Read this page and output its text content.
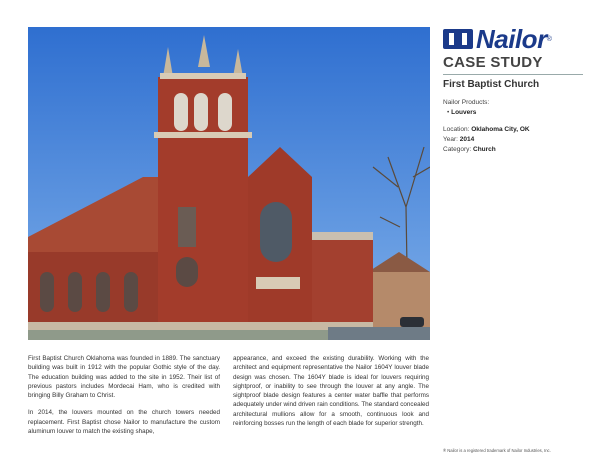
Nailor ®
CASE STUDY
First Baptist Church
Nailor Products:
• Louvers
Location: Oklahoma City, OK
Year: 2014
Category: Church

First Baptist Church Oklahoma was founded in 1889. The sanctuary building was built in 1912 with the popular Gothic style of the day. The education building was added to the site in 1952. Their list of previous pastors includes Mordecai Ham, who is credited with bringing Billy Graham to Christ.

In 2014, the louvers mounted on the church towers needed replacement. First Baptist chose Nailor to manufacture the custom aluminum louver to match the existing shape,

appearance, and exceed the existing durability. Working with the architect and equipment representative the Nailor 1604Y louver blade design was chosen. The 1604Y blade is ideal for louvers requiring sightproof, or inability to see through the louver at any angle. The sightproof blade design features a center water baffle that performs adequately under wind driven rain conditions. The standard concealed architectural mullions allow for a smooth, continuous look and reinforcing bosses run the length of each blade for superior strength.

® Nailor is a registered trademark of Nailor Industries, Inc.
